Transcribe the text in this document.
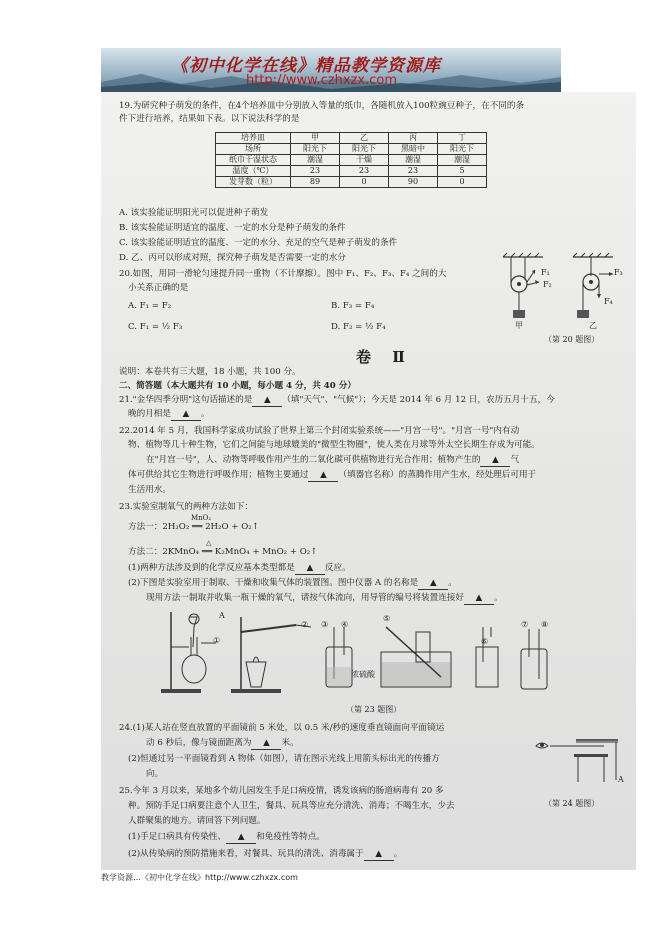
《初中化学在线》精品教学资源库
http://www.czhxzx.com
19.为研究种子萌发的条件，在4个培养皿中分别放入等量的纸巾，各随机放入100粒豌豆种子，在不同的条
件下进行培养，结果如下表。以下说法科学的是
培养皿	甲	乙	丙	丁
场所	阳光下	阳光下	黑暗中	阳光下
纸巾干湿状态	潮湿	干燥	潮湿	潮湿
温度（℃）	23	23	23	5
发芽数（粒）	89	0	90	0
A. 该实验能证明阳光可以促进种子萌发
B. 该实验能证明适宜的温度、一定的水分是种子萌发的条件
C. 该实验能证明适宜的温度、一定的水分、充足的空气是种子萌发的条件
D. 乙、丙可以形成对照，探究种子萌发是否需要一定的水分
20.如图，用同一滑轮匀速提升同一重物（不计摩擦）。图中 F₁、F₂、F₃、F₄ 之间的大
小关系正确的是
A. F₁ = F₂	B. F₃ = F₄
C. F₁ = ½ F₃	D. F₂ = ½ F₄
F₁
F₂
F₃
F₄
甲	乙
（第 20 题图）
卷 Ⅱ
说明：本卷共有三大题，18 小题，共 100 分。
二、简答题（本大题共有 10 小题，每小题 4 分，共 40 分）
21."金华四季分明"这句话描述的是 ▲ （填"天气"、"气候"）；今天是 2014 年 6 月 12 日，农历五月十五，今
晚的月相是 ▲ 。
22.2014 年 5 月，我国科学家成功试验了世界上第三个封闭实验系统——"月宫一号"。"月宫一号"内有动
物、植物等几十种生物，它们之间能与地球媲美的"微型生物圈"，使人类在月球等外太空长期生存成为可能。
在"月宫一号"，人、动物等呼吸作用产生的二氧化碳可供植物进行光合作用；植物产生的 ▲ 气
体可供给其它生物进行呼吸作用；植物主要通过 ▲ （填器官名称）的蒸腾作用产生水，经处理后可用于
生活用水。
23.实验室制氧气的两种方法如下：
MnO₂
方法一：2H₂O₂ ══ 2H₂O + O₂↑
△
方法二：2KMnO₄ ══ K₂MnO₄ + MnO₂ + O₂↑
(1)两种方法涉及到的化学反应基本类型都是 ▲ 反应。
(2)下图是实验室用于制取、干燥和收集气体的装置图。图中仪器 A 的名称是 ▲ 。
现用方法一制取并收集一瓶干燥的氧气，请按气体流向，用导管的编号将装置连接好 ▲ 。
A
①
② ③ ④
⑤
⑥
⑦ ⑧
浓硫酸
（第 23 题图）
24.(1)某人站在竖直放置的平面镜前 5 米处，以 0.5 米/秒的速度垂直镜面向平面镜运
动 6 秒后，像与镜面距离为 ▲ 米。
(2)恒通过另一平面镜看到 A 物体（如图），请在图示光线上用箭头标出光的传播方
向。
A
（第 24 题图）
25.今年 3 月以来，某地多个幼儿园发生手足口病疫情，诱发该病的肠道病毒有 20 多
种。预防手足口病要注意个人卫生，餐具、玩具等应充分清洗、消毒；不喝生水，少去
人群聚集的地方。请回答下列问题。
(1)手足口病具有传染性、 ▲ 和免疫性等特点。
(2)从传染病的预防措施来看，对餐具、玩具的清洗、消毒属于 ▲ 。
教学资源…《初中化学在线》http://www.czhxzx.com
